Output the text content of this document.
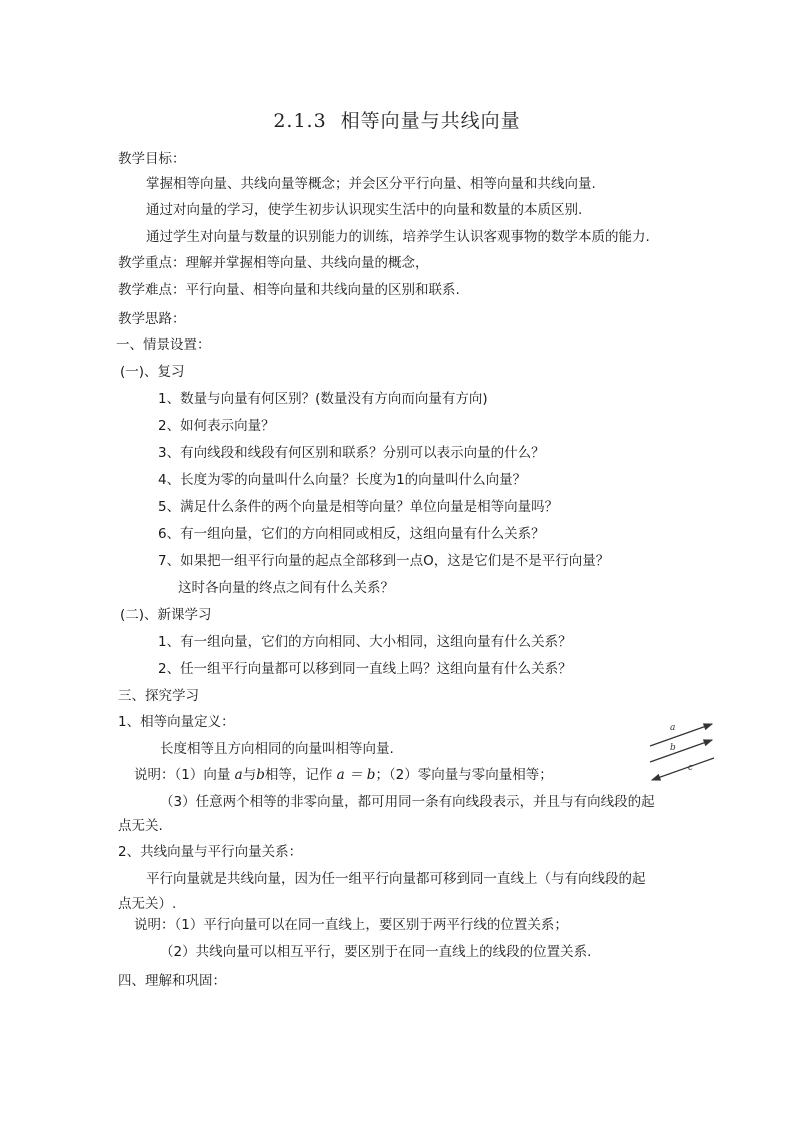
2.1.3 相等向量与共线向量
教学目标：
掌握相等向量、共线向量等概念；并会区分平行向量、相等向量和共线向量.
通过对向量的学习，使学生初步认识现实生活中的向量和数量的本质区别.
通过学生对向量与数量的识别能力的训练，培养学生认识客观事物的数学本质的能力.
教学重点：理解并掌握相等向量、共线向量的概念，
教学难点：平行向量、相等向量和共线向量的区别和联系.
教学思路：
一、情景设置：
(一)、复习
1、数量与向量有何区别？(数量没有方向而向量有方向)
2、如何表示向量？
3、有向线段和线段有何区别和联系？分别可以表示向量的什么？
4、长度为零的向量叫什么向量？长度为1的向量叫什么向量？
5、满足什么条件的两个向量是相等向量？单位向量是相等向量吗？
6、有一组向量，它们的方向相同或相反，这组向量有什么关系？
7、如果把一组平行向量的起点全部移到一点O，这是它们是不是平行向量？
这时各向量的终点之间有什么关系？
(二)、新课学习
1、有一组向量，它们的方向相同、大小相同，这组向量有什么关系？
2、任一组平行向量都可以移到同一直线上吗？这组向量有什么关系？
三、探究学习
1、相等向量定义：
长度相等且方向相同的向量叫相等向量.
说明：（1）向量 a与b相等，记作 a ＝ b；（2）零向量与零向量相等；
（3）任意两个相等的非零向量，都可用同一条有向线段表示，并且与有向线段的起
点无关.
2、共线向量与平行向量关系：
平行向量就是共线向量，因为任一组平行向量都可移到同一直线上（与有向线段的起
点无关）.
说明：（1）平行向量可以在同一直线上，要区别于两平行线的位置关系；
（2）共线向量可以相互平行，要区别于在同一直线上的线段的位置关系.
四、理解和巩固：
a
b
c
